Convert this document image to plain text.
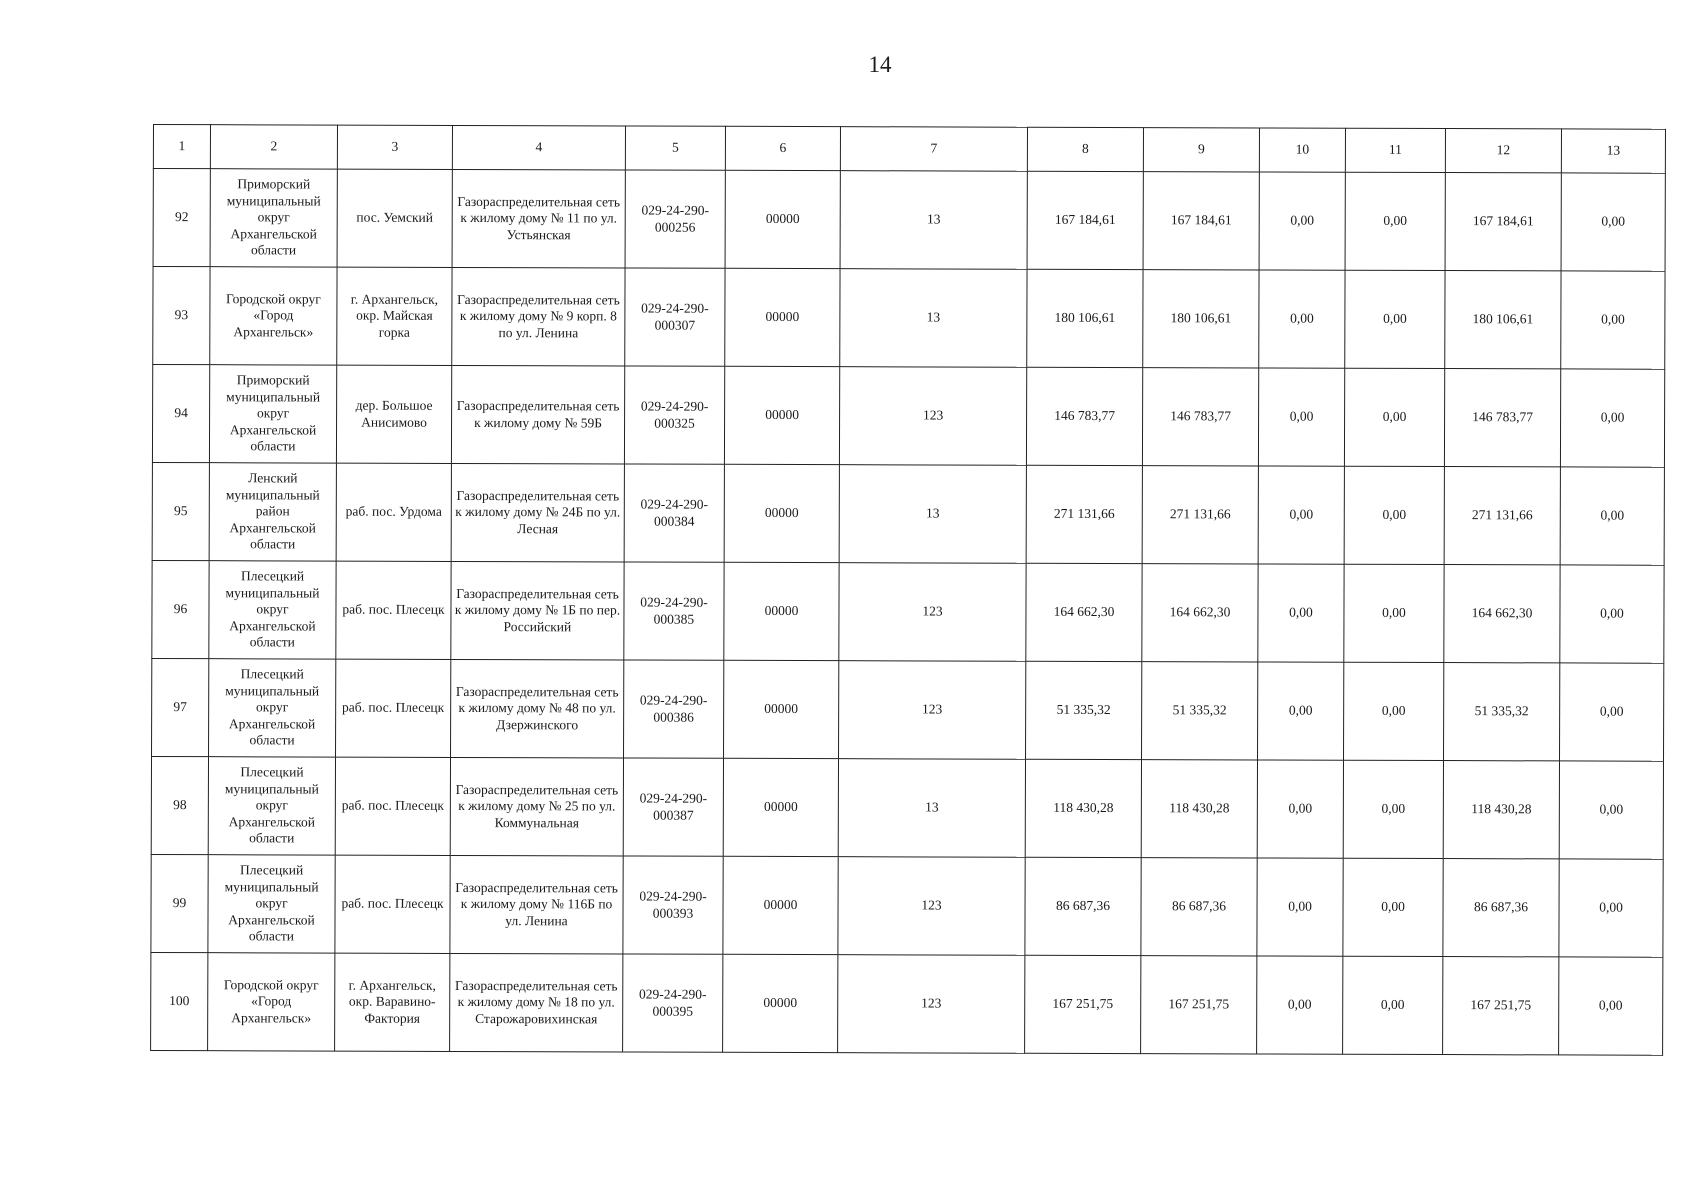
14
1	2	3	4	5	6	7	8	9	10	11	12	13
92	Приморский муниципальный округ Архангельской области	пос. Уемский	Газораспределительная сеть к жилому дому № 11 по ул. Устьянская	029-24-290-000256	00000	13	167 184,61	167 184,61	0,00	0,00	167 184,61	0,00
93	Городской округ «Город Архангельск»	г. Архангельск, окр. Майская горка	Газораспределительная сеть к жилому дому № 9 корп. 8 по ул. Ленина	029-24-290-000307	00000	13	180 106,61	180 106,61	0,00	0,00	180 106,61	0,00
94	Приморский муниципальный округ Архангельской области	дер. Большое Анисимово	Газораспределительная сеть к жилому дому № 59Б	029-24-290-000325	00000	123	146 783,77	146 783,77	0,00	0,00	146 783,77	0,00
95	Ленский муниципальный район Архангельской области	раб. пос. Урдома	Газораспределительная сеть к жилому дому № 24Б по ул. Лесная	029-24-290-000384	00000	13	271 131,66	271 131,66	0,00	0,00	271 131,66	0,00
96	Плесецкий муниципальный округ Архангельской области	раб. пос. Плесецк	Газораспределительная сеть к жилому дому № 1Б по пер. Российский	029-24-290-000385	00000	123	164 662,30	164 662,30	0,00	0,00	164 662,30	0,00
97	Плесецкий муниципальный округ Архангельской области	раб. пос. Плесецк	Газораспределительная сеть к жилому дому № 48 по ул. Дзержинского	029-24-290-000386	00000	123	51 335,32	51 335,32	0,00	0,00	51 335,32	0,00
98	Плесецкий муниципальный округ Архангельской области	раб. пос. Плесецк	Газораспределительная сеть к жилому дому № 25 по ул. Коммунальная	029-24-290-000387	00000	13	118 430,28	118 430,28	0,00	0,00	118 430,28	0,00
99	Плесецкий муниципальный округ Архангельской области	раб. пос. Плесецк	Газораспределительная сеть к жилому дому № 116Б по ул. Ленина	029-24-290-000393	00000	123	86 687,36	86 687,36	0,00	0,00	86 687,36	0,00
100	Городской округ «Город Архангельск»	г. Архангельск, окр. Варавино-Фактория	Газораспределительная сеть к жилому дому № 18 по ул. Старожаровихинская	029-24-290-000395	00000	123	167 251,75	167 251,75	0,00	0,00	167 251,75	0,00
